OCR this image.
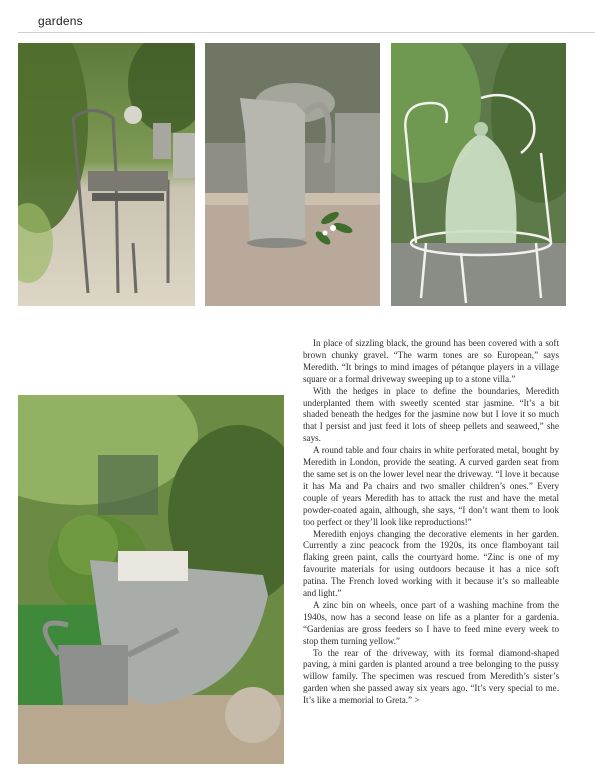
gardens

In place of sizzling black, the ground has been covered with a soft brown chunky gravel. “The warm tones are so European,” says Meredith. “It brings to mind images of pétanque players in a village square or a formal driveway sweeping up to a stone villa.”

With the hedges in place to define the boundaries, Meredith underplanted them with sweetly scented star jasmine. “It’s a bit shaded beneath the hedges for the jasmine now but I love it so much that I persist and just feed it lots of sheep pellets and seaweed,” she says.

A round table and four chairs in white perforated metal, bought by Meredith in London, provide the seating. A curved garden seat from the same set is on the lower level near the driveway. “I love it because it has Ma and Pa chairs and two smaller children’s ones.” Every couple of years Meredith has to attack the rust and have the metal powder-coated again, although, she says, “I don’t want them to look too perfect or they’ll look like reproductions!”

Meredith enjoys changing the decorative elements in her garden. Currently a zinc peacock from the 1920s, its once flamboyant tail flaking green paint, calls the courtyard home. “Zinc is one of my favourite materials for using outdoors because it has a nice soft patina. The French loved working with it because it’s so malleable and light.”

A zinc bin on wheels, once part of a washing machine from the 1940s, now has a second lease on life as a planter for a gardenia. “Gardenias are gross feeders so I have to feed mine every week to stop them turning yellow.”

To the rear of the driveway, with its formal diamond-shaped paving, a mini garden is planted around a tree belonging to the pussy willow family. The specimen was rescued from Meredith’s sister’s garden when she passed away six years ago. “It’s very special to me. It’s like a memorial to Greta.” >
